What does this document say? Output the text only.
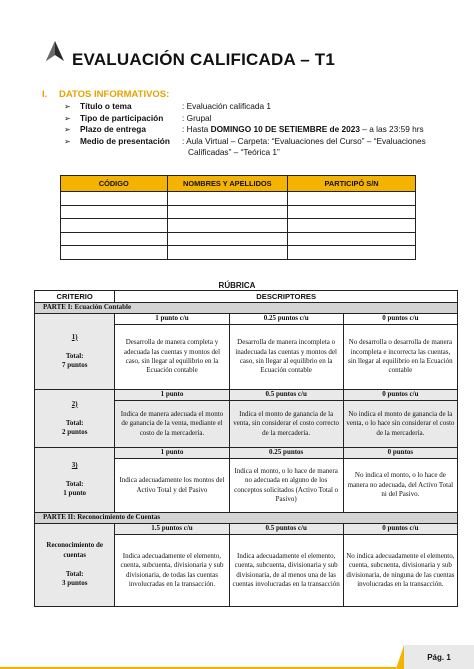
EVALUACIÓN CALIFICADA – T1
I. DATOS INFORMATIVOS:
➢	Título o tema	: Evaluación calificada 1
➢	Tipo de participación	: Grupal
➢	Plazo de entrega	: Hasta DOMINGO 10 DE SETIEMBRE de 2023 – a las 23:59 hrs
➢	Medio de presentación	: Aula Virtual – Carpeta: “Evaluaciones del Curso” – “Evaluaciones
Calificadas” – “Teórica 1”
CÓDIGO	NOMBRES Y APELLIDOS	PARTICIPÓ S/N

RÚBRICA
CRITERIO	DESCRIPTORES		
PARTE I: Ecuación Contable			
1)

Total:
7 puntos	1 punto c/u	0.25 puntos c/u	0 puntos c/u
	Desarrolla de manera completa y adecuada las cuentas y montos del caso, sin llegar al equilibrio en la Ecuación contable	Desarrolla de manera incompleta o inadecuada las cuentas y montos del caso, sin llegar al equilibrio en la Ecuación contable	No desarrolla o desarrolla de manera incompleta e incorrecta las cuentas, sin llegar al equilibrio en la Ecuación contable
2)

Total:
2 puntos	1 punto	0.5 puntos c/u	0 puntos c/u
	Indica de manera adecuada el monto de ganancia de la venta, mediante el costo de la mercadería.	Indica el monto de ganancia de la venta, sin considerar el costo correcto de la mercadería.	No indica el monto de ganancia de la venta, o lo hace sin considerar el costo de la mercadería.
3)

Total:
1 punto	1 punto	0.25 puntos	0 puntos
	Indica adecuadamente los montos del Activo Total y del Pasivo	Indica el monto, o lo hace de manera no adecuada en alguno de los conceptos solicitados (Activo Total o Pasivo)	No indica el monto, o lo hace de manera no adecuada, del Activo Total ni del Pasivo.
PARTE II: Reconocimiento de Cuentas			
Reconocimiento de cuentas

Total:
3 puntos	1.5 puntos c/u	0.5 puntos c/u	0 puntos c/u
	Indica adecuadamente el elemento, cuenta, subcuenta, divisionaria y sub divisionaria, de todas las cuentas involucradas en la transacción.	Indica adecuadamente el elemento, cuenta, subcuenta, divisionaria y sub divisionaria, de al menos una de las cuentas involucradas en la transacción	No indica adecuadamente el elemento, cuenta, subcuenta, divisionaria y sub divisionaria, de ninguna de las cuentas involucradas en la transacción.
Pág. 1
